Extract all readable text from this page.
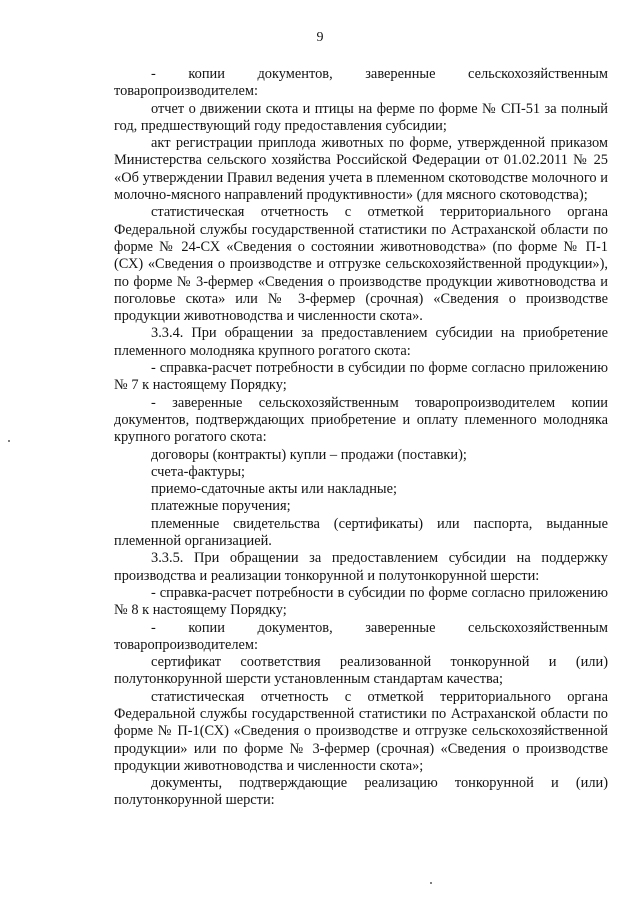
9

- копии документов, заверенные сельскохозяйственным товаропроизводителем:

отчет о движении скота и птицы на ферме по форме № СП-51 за полный год, предшествующий году предоставления субсидии;

акт регистрации приплода животных по форме, утвержденной приказом Министерства сельского хозяйства Российской Федерации от 01.02.2011 № 25 «Об утверждении Правил ведения учета в племенном скотоводстве молочного и молочно-мясного направлений продуктивности» (для мясного скотоводства);

статистическая отчетность с отметкой территориального органа Федеральной службы государственной статистики по Астраханской области по форме № 24-СХ «Сведения о состоянии животноводства» (по форме № П-1 (СХ) «Сведения о производстве и отгрузке сельскохозяйственной продукции»), по форме № 3-фермер «Сведения о производстве продукции животноводства и поголовье скота» или № 3-фермер (срочная) «Сведения о производстве продукции животноводства и численности скота».

3.3.4. При обращении за предоставлением субсидии на приобретение племенного молодняка крупного рогатого скота:

- справка-расчет потребности в субсидии по форме согласно приложению № 7 к настоящему Порядку;

- заверенные сельскохозяйственным товаропроизводителем копии документов, подтверждающих приобретение и оплату племенного молодняка крупного рогатого скота:

договоры (контракты) купли – продажи (поставки);

счета-фактуры;

приемо-сдаточные акты или накладные;

платежные поручения;

племенные свидетельства (сертификаты) или паспорта, выданные племенной организацией.

3.3.5. При обращении за предоставлением субсидии на поддержку производства и реализации тонкорунной и полутонкорунной шерсти:

- справка-расчет потребности в субсидии по форме согласно приложению № 8 к настоящему Порядку;

- копии документов, заверенные сельскохозяйственным товаропроизводителем:

сертификат соответствия реализованной тонкорунной и (или) полутонкорунной шерсти установленным стандартам качества;

статистическая отчетность с отметкой территориального органа Федеральной службы государственной статистики по Астраханской области по форме № П-1(СХ) «Сведения о производстве и отгрузке сельскохозяйственной продукции» или по форме № 3-фермер (срочная) «Сведения о производстве продукции животноводства и численности скота»;

документы, подтверждающие реализацию тонкорунной и (или) полутонкорунной шерсти:
